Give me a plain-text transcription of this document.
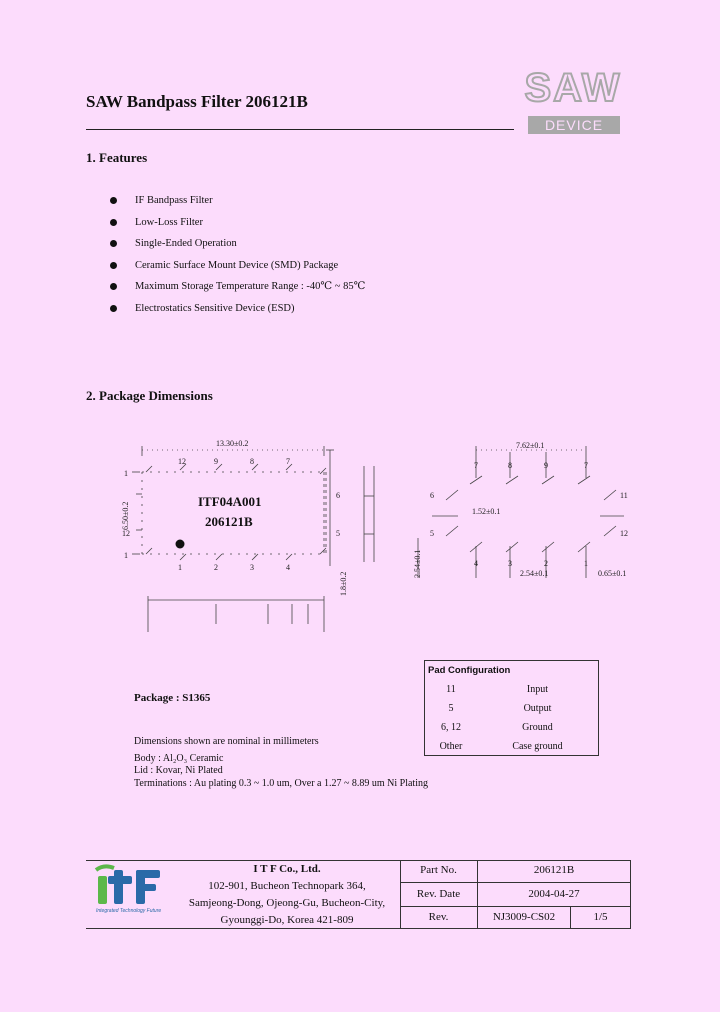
SAW Bandpass Filter 206121B	SAW
DEVICE
1. Features
IF Bandpass Filter
Low-Loss Filter
Single-Ended Operation
Ceramic Surface Mount Device (SMD) Package
Maximum Storage Temperature Range : -40℃ ~ 85℃
Electrostatics Sensitive Device (ESD)
2. Package Dimensions
13.30±0.2
12	9	8	7
1	2	3	4
6
5
1
1
12
6.50±0.2
1.8±0.2
ITF04A001
206121B
7.62±0.1
7	8	9	7
6
5
11
12
1.52±0.1
4	3	2	1
2.54±0.1	0.65±0.1
2.54±0.1
Pad Configuration	
11	Input
5	Output
6, 12	Ground
Other	Case ground
Package : S1365
Dimensions shown are nominal in millimeters
Body : Al₂O₃ Ceramic
Lid : Kovar, Ni Plated
Terminations : Au plating 0.3 ~ 1.0 um, Over a 1.27 ~ 8.89 um Ni Plating
Integrated Technology Future
I T F Co., Ltd.
102-901, Bucheon Technopark 364,
Samjeong-Dong, Ojeong-Gu, Bucheon-City,
Gyounggi-Do, Korea 421-809
Part No.	206121B
Rev. Date	2004-04-27
Rev.	NJ3009-CS02	1/5
